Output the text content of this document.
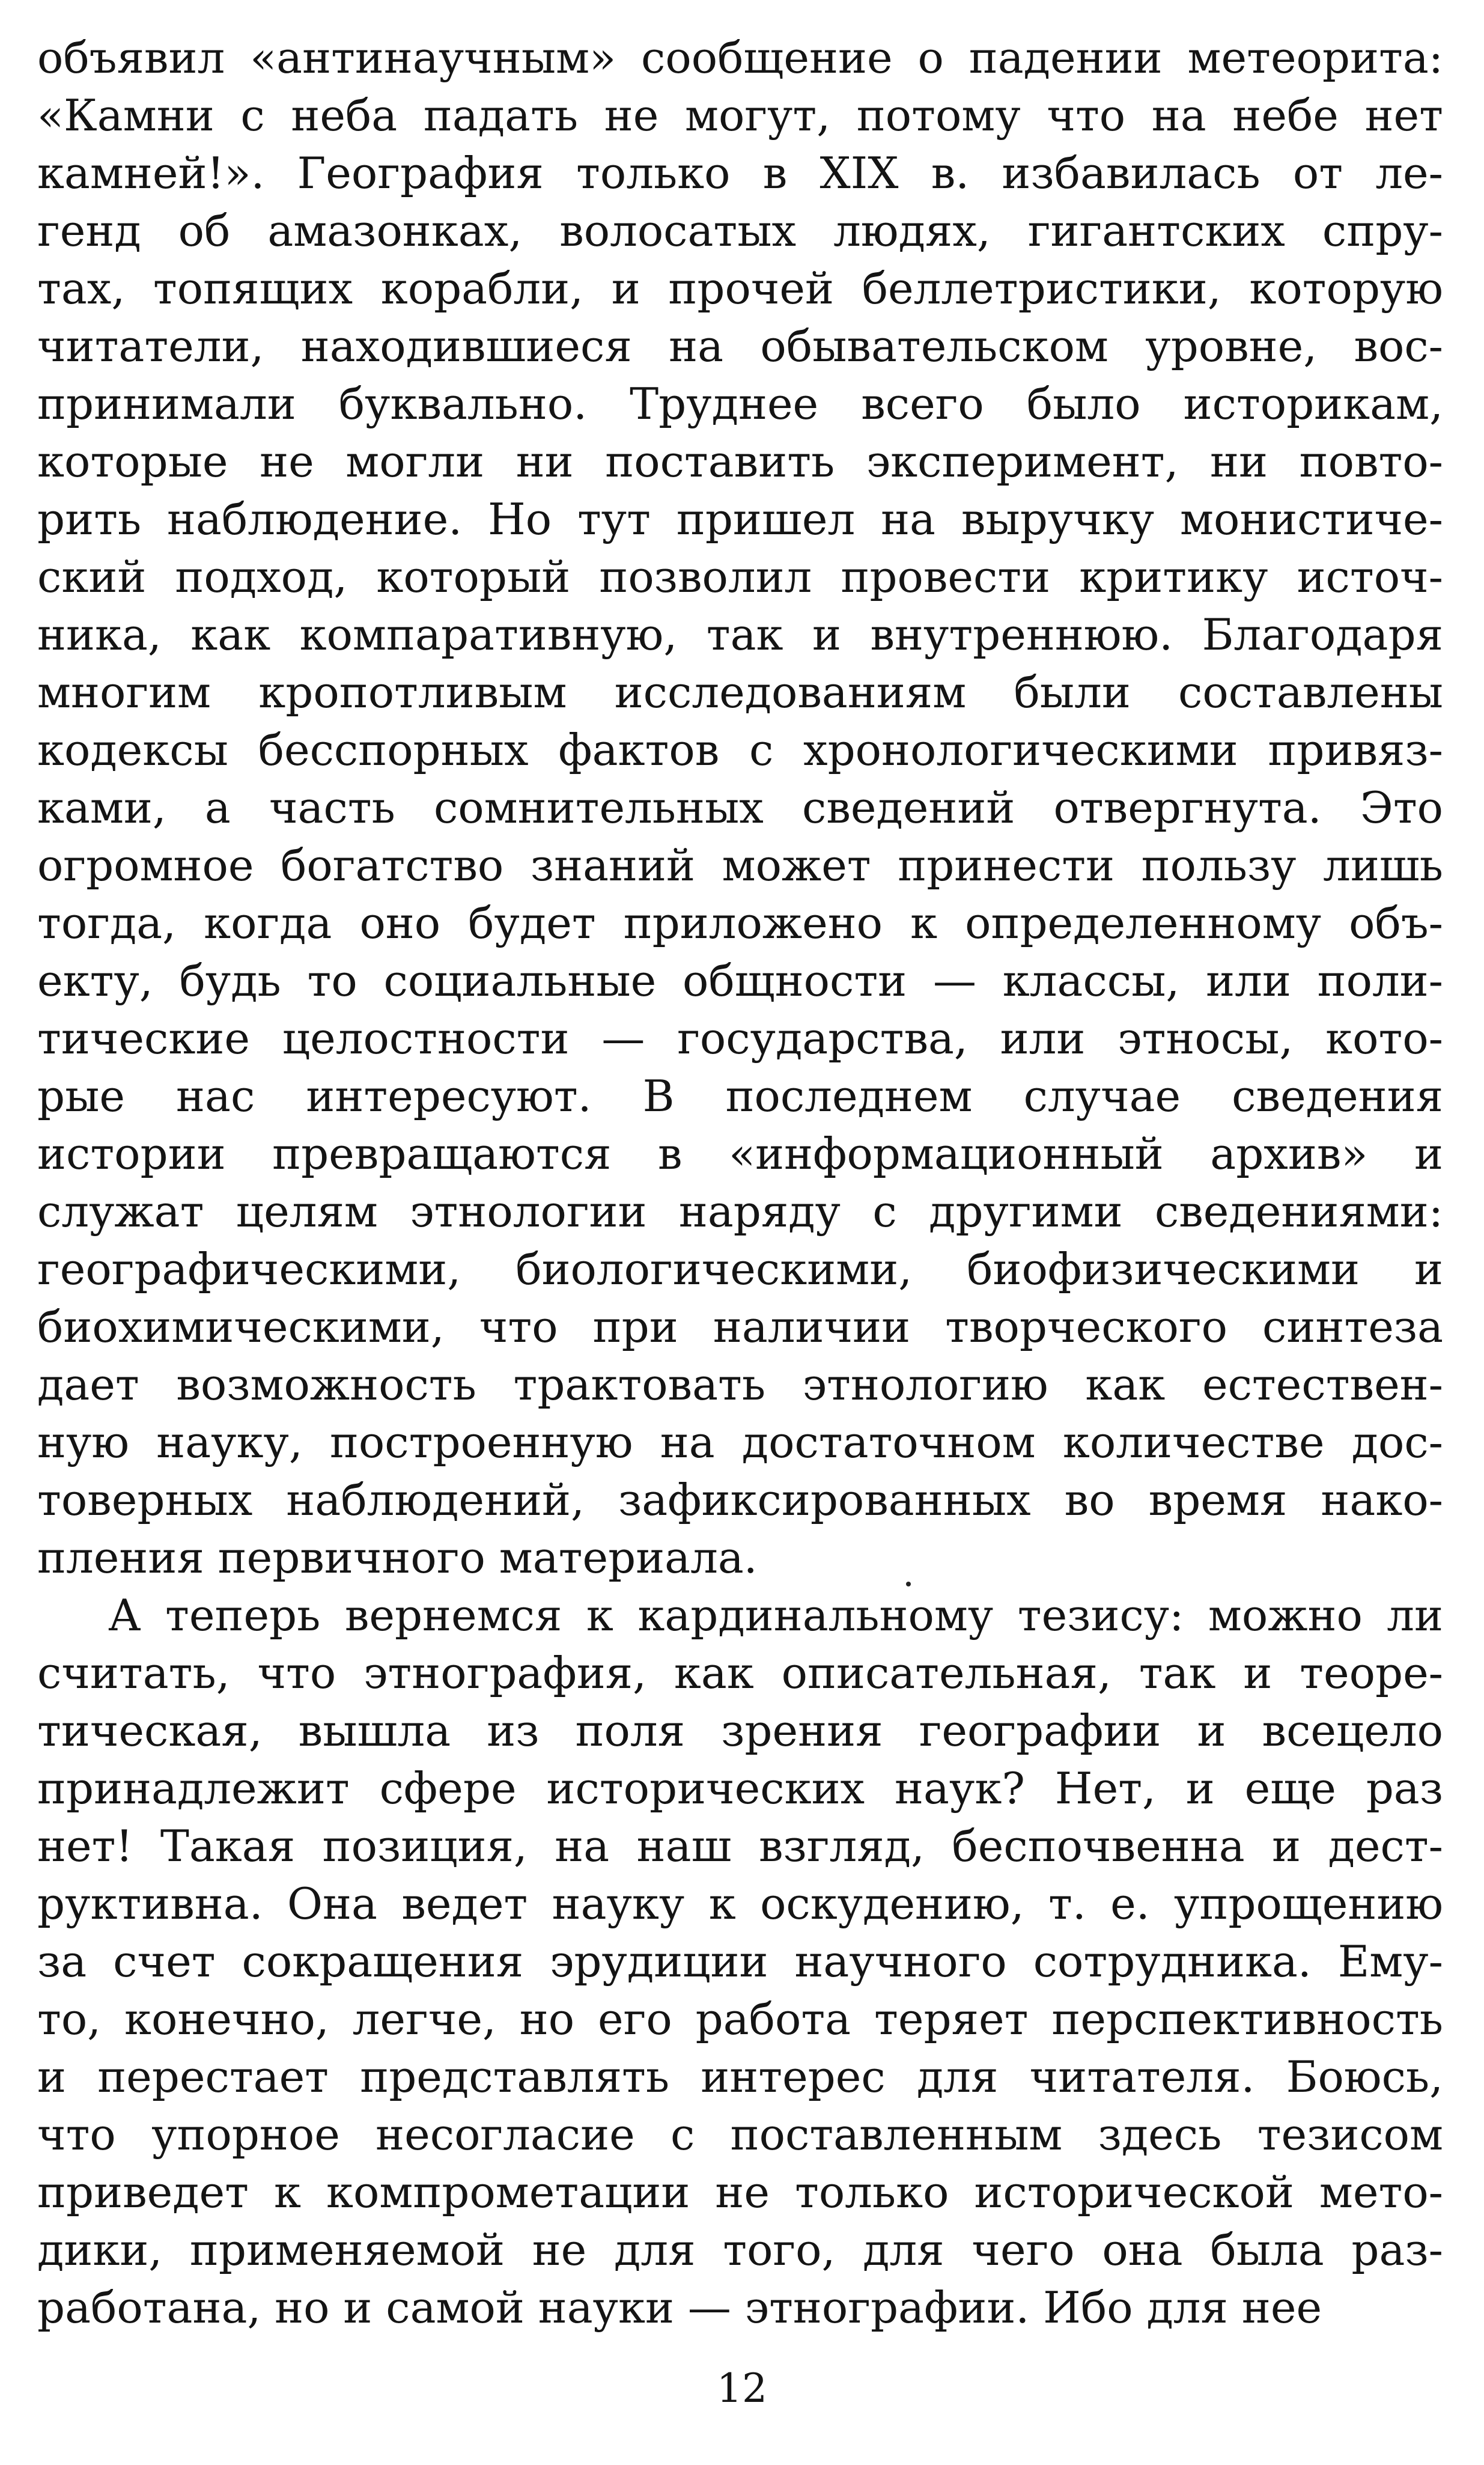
объявил «антинаучным» сообщение о падении метеорита:
«Камни с неба падать не могут, потому что на небе нет
камней!». География только в XIX в. избавилась от ле-
генд об амазонках, волосатых людях, гигантских спру-
тах, топящих корабли, и прочей беллетристики, которую
читатели, находившиеся на обывательском уровне, вос-
принимали буквально. Труднее всего было историкам,
которые не могли ни поставить эксперимент, ни повто-
рить наблюдение. Но тут пришел на выручку монистиче-
ский подход, который позволил провести критику источ-
ника, как компаративную, так и внутреннюю. Благодаря
многим кропотливым исследованиям были составлены
кодексы бесспорных фактов с хронологическими привяз-
ками, а часть сомнительных сведений отвергнута. Это
огромное богатство знаний может принести пользу лишь
тогда, когда оно будет приложено к определенному объ-
екту, будь то социальные общности — классы, или поли-
тические целостности — государства, или этносы, кото-
рые нас интересуют. В последнем случае сведения
истории превращаются в «информационный архив» и
служат целям этнологии наряду с другими сведениями:
географическими, биологическими, биофизическими и
биохимическими, что при наличии творческого синтеза
дает возможность трактовать этнологию как естествен-
ную науку, построенную на достаточном количестве дос-
товерных наблюдений, зафиксированных во время нако-
пления первичного материала.
А теперь вернемся к кардинальному тезису: можно ли
считать, что этнография, как описательная, так и теоре-
тическая, вышла из поля зрения географии и всецело
принадлежит сфере исторических наук? Нет, и еще раз
нет! Такая позиция, на наш взгляд, беспочвенна и дест-
руктивна. Она ведет науку к оскудению, т. е. упрощению
за счет сокращения эрудиции научного сотрудника. Ему-
то, конечно, легче, но его работа теряет перспективность
и перестает представлять интерес для читателя. Боюсь,
что упорное несогласие с поставленным здесь тезисом
приведет к компрометации не только исторической мето-
дики, применяемой не для того, для чего она была раз-
работана, но и самой науки — этнографии. Ибо для нее
12
